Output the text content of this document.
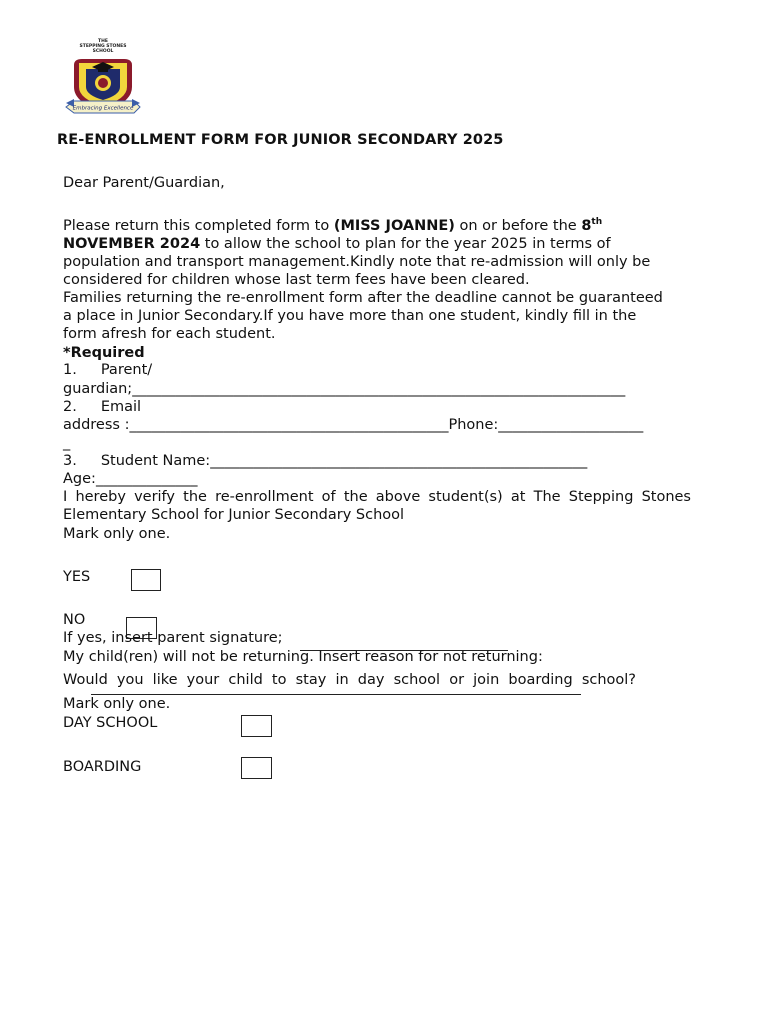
THE
STEPPING STONES
SCHOOL
Embracing Excellence
RE-ENROLLMENT FORM FOR JUNIOR SECONDARY 2025
Dear Parent/Guardian,
Please return this completed form to (MISS JOANNE) on or before the 8th
NOVEMBER 2024 to allow the school to plan for the year 2025 in terms of
population and transport management.Kindly note that re-admission will only be
considered for children whose last term fees have been cleared.
Families returning the re-enrollment form after the deadline cannot be guaranteed
a place in Junior Secondary.If you have more than one student, kindly fill in the
form afresh for each student.
*Required
1. Parent/
guardian;____________________________________________________________________
2. Email
address :____________________________________________Phone:____________________
_
3. Student Name:____________________________________________________
Age:______________
I hereby verify the re-enrollment of the above student(s) at The Stepping Stones
Elementary School for Junior Secondary School
Mark only one.
YES
NO
If yes, insert parent signature;
My child(ren) will not be returning. Insert reason for not returning:
Would you like your child to stay in day school or join boarding school?
Mark only one.
DAY SCHOOL
BOARDING
